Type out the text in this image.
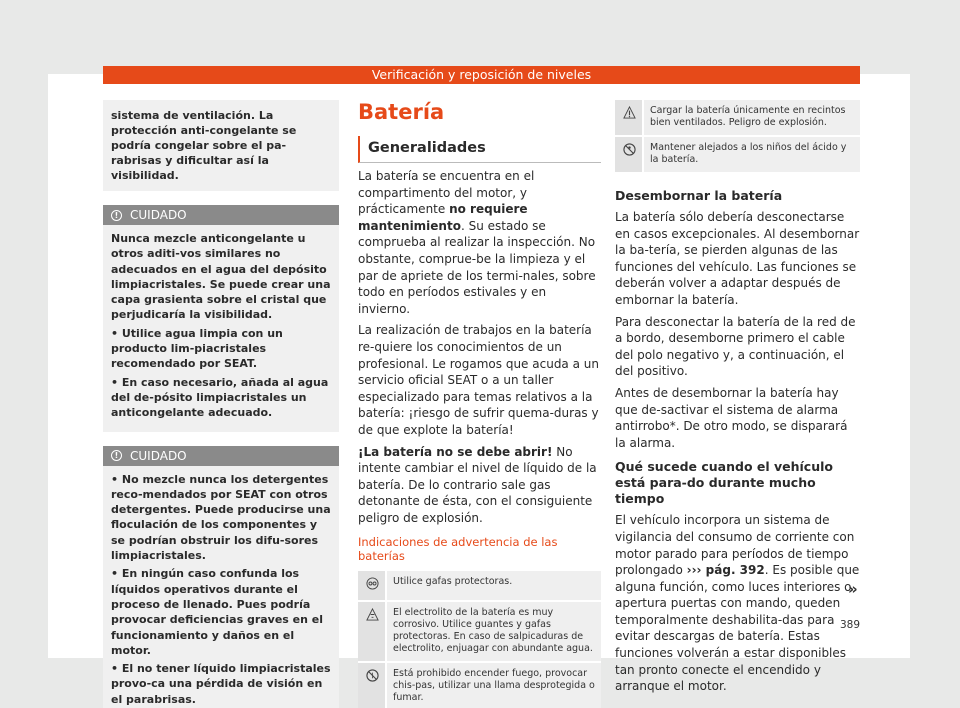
Verificación y reposición de niveles
sistema de ventilación. La protección anti-congelante se podría congelar sobre el pa-rabrisas y dificultar así la visibilidad.
! CUIDADO

Nunca mezcle anticongelante u otros aditi-vos similares no adecuados en el agua del depósito limpiacristales. Se puede crear una capa grasienta sobre el cristal que perjudicaría la visibilidad.

• Utilice agua limpia con un producto lim-piacristales recomendado por SEAT.

• En caso necesario, añada al agua del de-pósito limpiacristales un anticongelante adecuado.

! CUIDADO

• No mezcle nunca los detergentes reco-mendados por SEAT con otros detergentes. Puede producirse una floculación de los componentes y se podrían obstruir los difu-sores limpiacristales.

• En ningún caso confunda los líquidos operativos durante el proceso de llenado. Pues podría provocar deficiencias graves en el funcionamiento y daños en el motor.

• El no tener líquido limpiacristales provo-ca una pérdida de visión en el parabrisas.

Batería
Generalidades

La batería se encuentra en el compartimento del motor, y prácticamente no requiere mantenimiento. Su estado se comprueba al realizar la inspección. No obstante, comprue-be la limpieza y el par de apriete de los termi-nales, sobre todo en períodos estivales y en invierno.

La realización de trabajos en la batería re-quiere los conocimientos de un profesional. Le rogamos que acuda a un servicio oficial SEAT o a un taller especializado para temas relativos a la batería: ¡riesgo de sufrir quema-duras y de que explote la batería!

¡La batería no se debe abrir! No intente cambiar el nivel de líquido de la batería. De lo contrario sale gas detonante de ésta, con el consiguiente peligro de explosión.

Indicaciones de advertencia de las baterías
	Utilice gafas protectoras.
	El electrolito de la batería es muy corrosivo. Utilice guantes y gafas protectoras. En caso de salpicaduras de electrolito, enjuagar con abundante agua.
	Está prohibido encender fuego, provocar chis-pas, utilizar una llama desprotegida o fumar.
	Cargar la batería únicamente en recintos bien ventilados. Peligro de explosión.
	Mantener alejados a los niños del ácido y la batería.
Desembornar la batería

La batería sólo debería desconectarse en casos excepcionales. Al desembornar la ba-tería, se pierden algunas de las funciones del vehículo. Las funciones se deberán volver a adaptar después de embornar la batería.

Para desconectar la batería de la red de a bordo, desemborne primero el cable del polo negativo y, a continuación, el del positivo.

Antes de desembornar la batería hay que de-sactivar el sistema de alarma antirrobo*. De otro modo, se disparará la alarma.

Qué sucede cuando el vehículo está para-do durante mucho tiempo

El vehículo incorpora un sistema de vigilancia del consumo de corriente con motor parado para períodos de tiempo prolongado ››› pág. 392. Es posible que alguna función, como luces interiores o apertura puertas con mando, queden temporalmente deshabilita-das para evitar descargas de batería. Estas funciones volverán a estar disponibles tan pronto conecte el encendido y arranque el motor.

»
389
